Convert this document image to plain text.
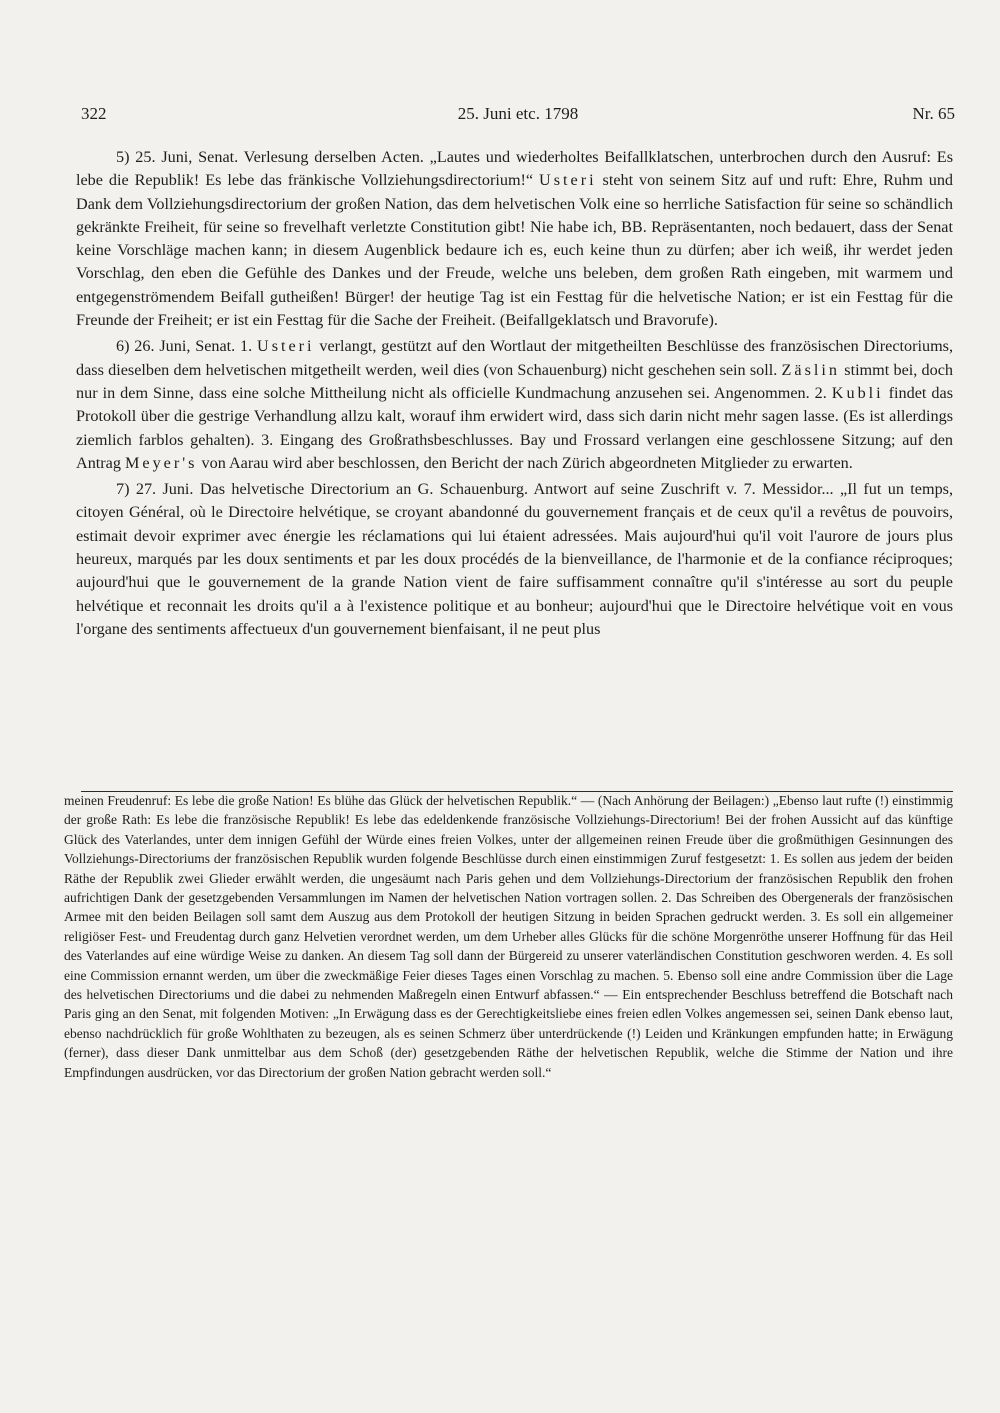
322	25. Juni etc. 1798	Nr. 65

5) 25. Juni, Senat. Verlesung derselben Acten. „Lautes und wiederholtes Beifallklatschen, unterbrochen durch den Ausruf: Es lebe die Republik! Es lebe das fränkische Vollziehungsdirectorium!“ Usteri steht von seinem Sitz auf und ruft: Ehre, Ruhm und Dank dem Vollziehungsdirectorium der großen Nation, das dem helvetischen Volk eine so herrliche Satisfaction für seine so schändlich gekränkte Freiheit, für seine so frevelhaft verletzte Constitution gibt! Nie habe ich, BB. Repräsentanten, noch bedauert, dass der Senat keine Vorschläge machen kann; in diesem Augenblick bedaure ich es, euch keine thun zu dürfen; aber ich weiß, ihr werdet jeden Vorschlag, den eben die Gefühle des Dankes und der Freude, welche uns beleben, dem großen Rath eingeben, mit warmem und entgegenströmendem Beifall gutheißen! Bürger! der heutige Tag ist ein Festtag für die helvetische Nation; er ist ein Festtag für die Freunde der Freiheit; er ist ein Festtag für die Sache der Freiheit. (Beifallgeklatsch und Bravorufe).

6) 26. Juni, Senat. 1. Usteri verlangt, gestützt auf den Wortlaut der mitgetheilten Beschlüsse des französischen Directoriums, dass dieselben dem helvetischen mitgetheilt werden, weil dies (von Schauenburg) nicht geschehen sein soll. Zäslin stimmt bei, doch nur in dem Sinne, dass eine solche Mittheilung nicht als officielle Kundmachung anzusehen sei. Angenommen. 2. Kubli findet das Protokoll über die gestrige Verhandlung allzu kalt, worauf ihm erwidert wird, dass sich darin nicht mehr sagen lasse. (Es ist allerdings ziemlich farblos gehalten). 3. Eingang des Großrathsbeschlusses. Bay und Frossard verlangen eine geschlossene Sitzung; auf den Antrag Meyer's von Aarau wird aber beschlossen, den Bericht der nach Zürich abgeordneten Mitglieder zu erwarten.

7) 27. Juni. Das helvetische Directorium an G. Schauenburg. Antwort auf seine Zuschrift v. 7. Messidor... „Il fut un temps, citoyen Général, où le Directoire helvétique, se croyant abandonné du gouvernement français et de ceux qu'il a revêtus de pouvoirs, estimait devoir exprimer avec énergie les réclamations qui lui étaient adressées. Mais aujourd'hui qu'il voit l'aurore de jours plus heureux, marqués par les doux sentiments et par les doux procédés de la bienveillance, de l'harmonie et de la confiance réciproques; aujourd'hui que le gouvernement de la grande Nation vient de faire suffisamment connaître qu'il s'intéresse au sort du peuple helvétique et reconnait les droits qu'il a à l'existence politique et au bonheur; aujourd'hui que le Directoire helvétique voit en vous l'organe des sentiments affectueux d'un gouvernement bienfaisant, il ne peut plus

meinen Freudenruf: Es lebe die große Nation! Es blühe das Glück der helvetischen Republik.“ — (Nach Anhörung der Beilagen:) „Ebenso laut rufte (!) einstimmig der große Rath: Es lebe die französische Republik! Es lebe das edeldenkende französische Vollziehungs-Directorium! Bei der frohen Aussicht auf das künftige Glück des Vaterlandes, unter dem innigen Gefühl der Würde eines freien Volkes, unter der allgemeinen reinen Freude über die großmüthigen Gesinnungen des Vollziehungs-Directoriums der französischen Republik wurden folgende Beschlüsse durch einen einstimmigen Zuruf festgesetzt: 1. Es sollen aus jedem der beiden Räthe der Republik zwei Glieder erwählt werden, die ungesäumt nach Paris gehen und dem Vollziehungs-Directorium der französischen Republik den frohen aufrichtigen Dank der gesetzgebenden Versammlungen im Namen der helvetischen Nation vortragen sollen. 2. Das Schreiben des Obergenerals der französischen Armee mit den beiden Beilagen soll samt dem Auszug aus dem Protokoll der heutigen Sitzung in beiden Sprachen gedruckt werden. 3. Es soll ein allgemeiner religiöser Fest- und Freudentag durch ganz Helvetien verordnet werden, um dem Urheber alles Glücks für die schöne Morgenröthe unserer Hoffnung für das Heil des Vaterlandes auf eine würdige Weise zu danken. An diesem Tag soll dann der Bürgereid zu unserer vaterländischen Constitution geschworen werden. 4. Es soll eine Commission ernannt werden, um über die zweckmäßige Feier dieses Tages einen Vorschlag zu machen. 5. Ebenso soll eine andre Commission über die Lage des helvetischen Directoriums und die dabei zu nehmenden Maßregeln einen Entwurf abfassen.“ — Ein entsprechender Beschluss betreffend die Botschaft nach Paris ging an den Senat, mit folgenden Motiven: „In Erwägung dass es der Gerechtigkeitsliebe eines freien edlen Volkes angemessen sei, seinen Dank ebenso laut, ebenso nachdrücklich für große Wohlthaten zu bezeugen, als es seinen Schmerz über unterdrückende (!) Leiden und Kränkungen empfunden hatte; in Erwägung (ferner), dass dieser Dank unmittelbar aus dem Schoß (der) gesetzgebenden Räthe der helvetischen Republik, welche die Stimme der Nation und ihre Empfindungen ausdrücken, vor das Directorium der großen Nation gebracht werden soll.“
